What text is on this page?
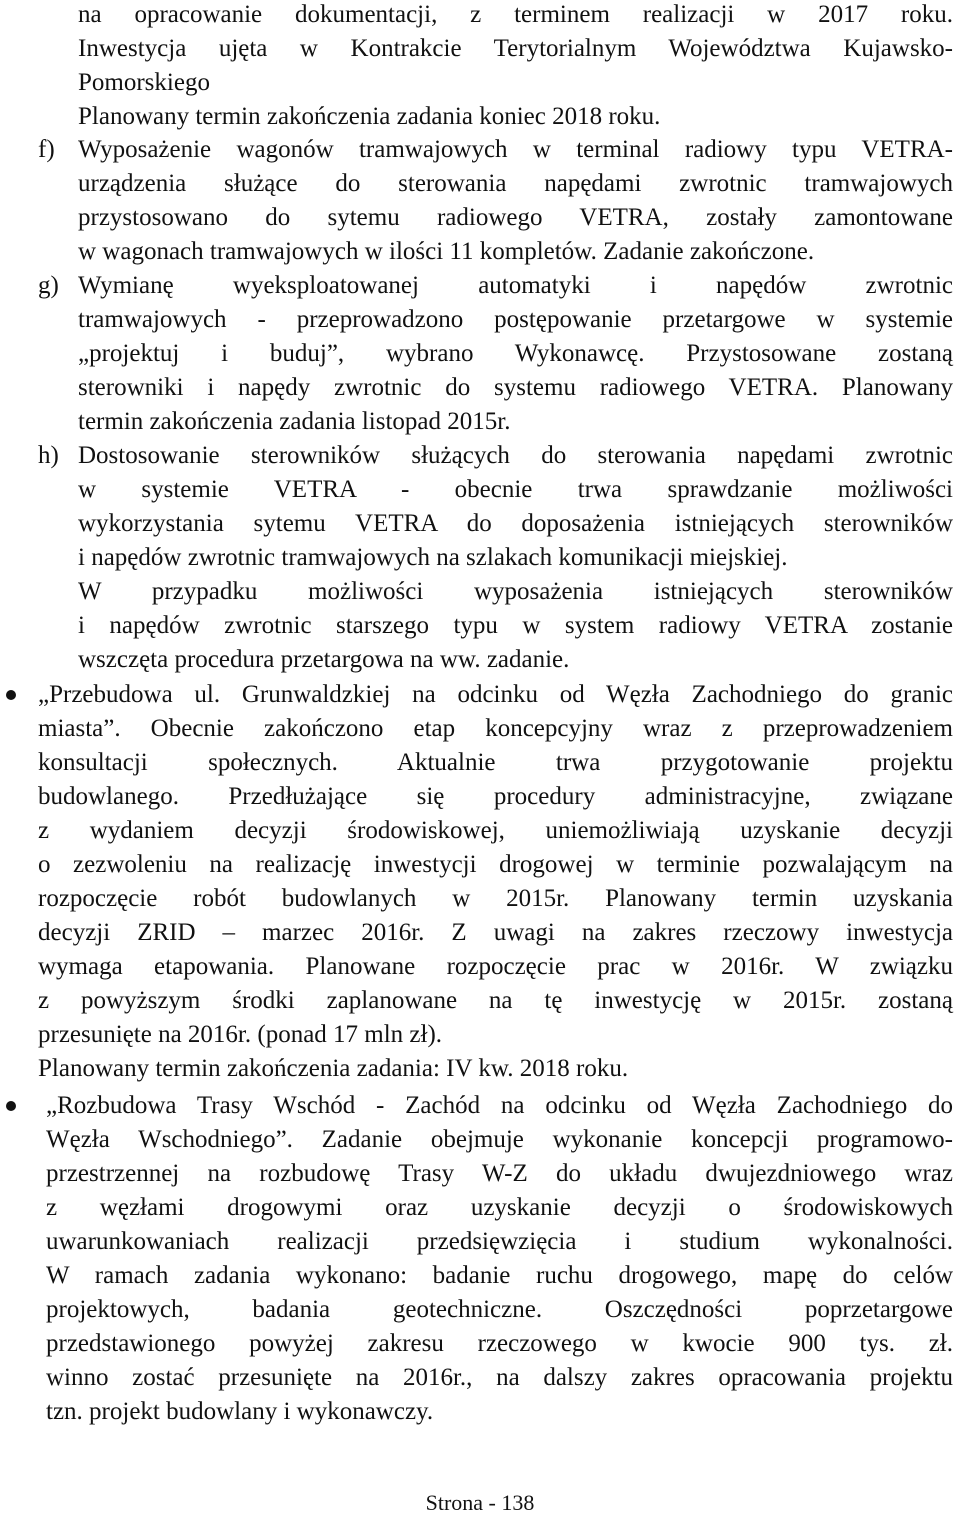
na opracowanie dokumentacji, z terminem realizacji w 2017 roku.
Inwestycja ujęta w Kontrakcie Terytorialnym Województwa Kujawsko-
Pomorskiego
Planowany termin zakończenia zadania koniec 2018 roku.
f) Wyposażenie wagonów tramwajowych w terminal radiowy typu VETRA-
urządzenia służące do sterowania napędami zwrotnic tramwajowych
przystosowano do sytemu radiowego VETRA, zostały zamontowane
w wagonach tramwajowych w ilości 11 kompletów. Zadanie zakończone.
g) Wymianę wyeksploatowanej automatyki i napędów zwrotnic
tramwajowych - przeprowadzono postępowanie przetargowe w systemie
„projektuj i buduj”, wybrano Wykonawcę. Przystosowane zostaną
sterowniki i napędy zwrotnic do systemu radiowego VETRA. Planowany
termin zakończenia zadania listopad 2015r.
h) Dostosowanie sterowników służących do sterowania napędami zwrotnic
w systemie VETRA - obecnie trwa sprawdzanie możliwości
wykorzystania sytemu VETRA do doposażenia istniejących sterowników
i napędów zwrotnic tramwajowych na szlakach komunikacji miejskiej.
W przypadku możliwości wyposażenia istniejących sterowników
i napędów zwrotnic starszego typu w system radiowy VETRA zostanie
wszczęta procedura przetargowa na ww. zadanie.
„Przebudowa ul. Grunwaldzkiej na odcinku od Węzła Zachodniego do granic
miasta”. Obecnie zakończono etap koncepcyjny wraz z przeprowadzeniem
konsultacji społecznych. Aktualnie trwa przygotowanie projektu
budowlanego. Przedłużające się procedury administracyjne, związane
z wydaniem decyzji środowiskowej, uniemożliwiają uzyskanie decyzji
o zezwoleniu na realizację inwestycji drogowej w terminie pozwalającym na
rozpoczęcie robót budowlanych w 2015r. Planowany termin uzyskania
decyzji ZRID – marzec 2016r. Z uwagi na zakres rzeczowy inwestycja
wymaga etapowania. Planowane rozpoczęcie prac w 2016r. W związku
z powyższym środki zaplanowane na tę inwestycję w 2015r. zostaną
przesunięte na 2016r. (ponad 17 mln zł).
Planowany termin zakończenia zadania: IV kw. 2018 roku.
„Rozbudowa Trasy Wschód - Zachód na odcinku od Węzła Zachodniego do
Węzła Wschodniego”. Zadanie obejmuje wykonanie koncepcji programowo-
przestrzennej na rozbudowę Trasy W-Z do układu dwujezdniowego wraz
z węzłami drogowymi oraz uzyskanie decyzji o środowiskowych
uwarunkowaniach realizacji przedsięwzięcia i studium wykonalności.
W ramach zadania wykonano: badanie ruchu drogowego, mapę do celów
projektowych, badania geotechniczne. Oszczędności poprzetargowe
przedstawionego powyżej zakresu rzeczowego w kwocie 900 tys. zł.
winno zostać przesunięte na 2016r., na dalszy zakres opracowania projektu
tzn. projekt budowlany i wykonawczy.
Strona - 138
